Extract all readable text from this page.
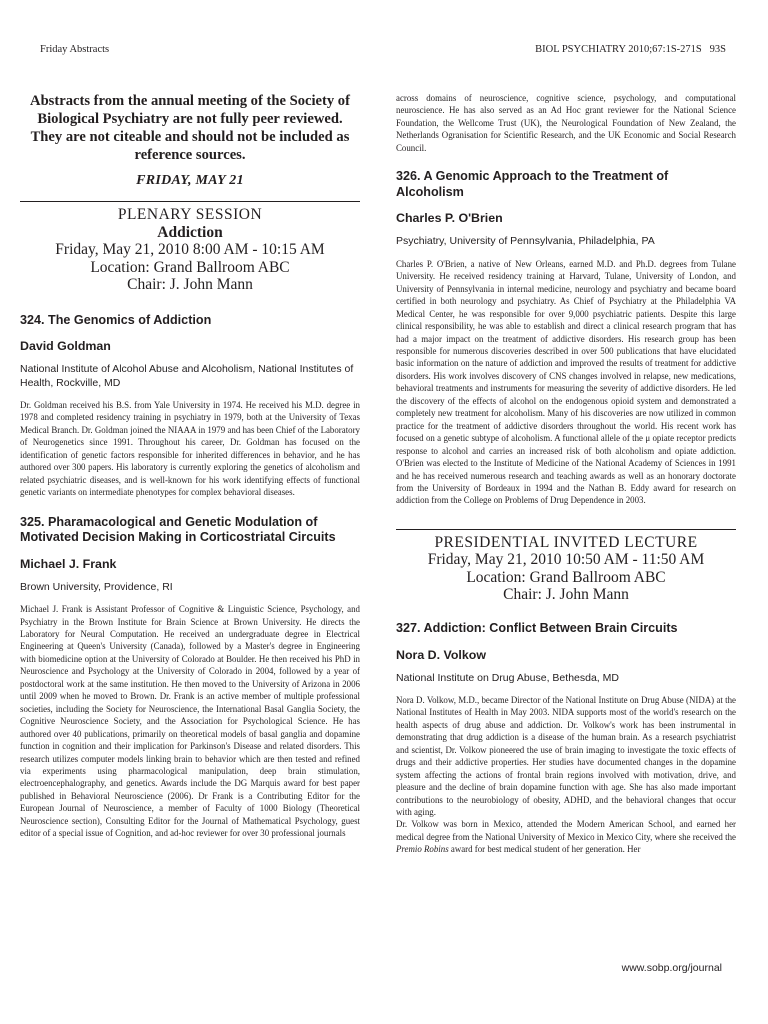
Friday Abstracts	BIOL PSYCHIATRY 2010;67:1S-271S 93S
Abstracts from the annual meeting of the Society of Biological Psychiatry are not fully peer reviewed. They are not citeable and should not be included as reference sources.
FRIDAY, MAY 21
PLENARY SESSION
Addiction
Friday, May 21, 2010 8:00 AM - 10:15 AM
Location: Grand Ballroom ABC
Chair: J. John Mann
324. The Genomics of Addiction
David Goldman
National Institute of Alcohol Abuse and Alcoholism, National Institutes of Health, Rockville, MD
Dr. Goldman received his B.S. from Yale University in 1974. He received his M.D. degree in 1978 and completed residency training in psychiatry in 1979, both at the University of Texas Medical Branch. Dr. Goldman joined the NIAAA in 1979 and has been Chief of the Laboratory of Neurogenetics since 1991. Throughout his career, Dr. Goldman has focused on the identification of genetic factors responsible for inherited differences in behavior, and he has authored over 300 papers. His laboratory is currently exploring the genetics of alcoholism and related psychiatric diseases, and is well-known for his work identifying effects of functional genetic variants on intermediate phenotypes for complex behavioral diseases.
325. Pharamacological and Genetic Modulation of Motivated Decision Making in Corticostriatal Circuits
Michael J. Frank
Brown University, Providence, RI
Michael J. Frank is Assistant Professor of Cognitive & Linguistic Science, Psychology, and Psychiatry in the Brown Institute for Brain Science at Brown University. He directs the Laboratory for Neural Computation. He received an undergraduate degree in Electrical Engineering at Queen's University (Canada), followed by a Master's degree in Engineering with biomedicine option at the University of Colorado at Boulder. He then received his PhD in Neuroscience and Psychology at the University of Colorado in 2004, followed by a year of postdoctoral work at the same institution. He then moved to the University of Arizona in 2006 until 2009 when he moved to Brown. Dr. Frank is an active member of multiple professional societies, including the Society for Neuroscience, the International Basal Ganglia Society, the Cognitive Neuroscience Society, and the Association for Psychological Science. He has authored over 40 publications, primarily on theoretical models of basal ganglia and dopamine function in cognition and their implication for Parkinson's Disease and related disorders. This research utilizes computer models linking brain to behavior which are then tested and refined via experiments using pharmacological manipulation, deep brain stimulation, electroencephalography, and genetics. Awards include the DG Marquis award for best paper published in Behavioral Neuroscience (2006). Dr Frank is a Contributing Editor for the European Journal of Neuroscience, a member of Faculty of 1000 Biology (Theoretical Neuroscience section), Consulting Editor for the Journal of Mathematical Psychology, guest editor of a special issue of Cognition, and ad-hoc reviewer for over 30 professional journals
across domains of neuroscience, cognitive science, psychology, and computational neuroscience. He has also served as an Ad Hoc grant reviewer for the National Science Foundation, the Wellcome Trust (UK), the Neurological Foundation of New Zealand, the Netherlands Ogranisation for Scientific Research, and the UK Economic and Social Research Council.
326. A Genomic Approach to the Treatment of Alcoholism
Charles P. O'Brien
Psychiatry, University of Pennsylvania, Philadelphia, PA
Charles P. O'Brien, a native of New Orleans, earned M.D. and Ph.D. degrees from Tulane University. He received residency training at Harvard, Tulane, University of London, and University of Pennsylvania in internal medicine, neurology and psychiatry and became board certified in both neurology and psychiatry. As Chief of Psychiatry at the Philadelphia VA Medical Center, he was responsible for over 9,000 psychiatric patients. Despite this large clinical responsibility, he was able to establish and direct a clinical research program that has had a major impact on the treatment of addictive disorders. His research group has been responsible for numerous discoveries described in over 500 publications that have elucidated basic information on the nature of addiction and improved the results of treatment for addictive disorders. His work involves discovery of CNS changes involved in relapse, new medications, behavioral treatments and instruments for measuring the severity of addictive disorders. He led the discovery of the effects of alcohol on the endogenous opioid system and demonstrated a completely new treatment for alcoholism. Many of his discoveries are now utilized in common practice for the treatment of addictive disorders throughout the world. His recent work has focused on a genetic subtype of alcoholism. A functional allele of the μ opiate receptor predicts response to alcohol and carries an increased risk of both alcoholism and opiate addiction. O'Brien was elected to the Institute of Medicine of the National Academy of Sciences in 1991 and he has received numerous research and teaching awards as well as an honorary doctorate from the University of Bordeaux in 1994 and the Nathan B. Eddy award for research on addiction from the College on Problems of Drug Dependence in 2003.
PRESIDENTIAL INVITED LECTURE
Friday, May 21, 2010 10:50 AM - 11:50 AM
Location: Grand Ballroom ABC
Chair: J. John Mann
327. Addiction: Conflict Between Brain Circuits
Nora D. Volkow
National Institute on Drug Abuse, Bethesda, MD
Nora D. Volkow, M.D., became Director of the National Institute on Drug Abuse (NIDA) at the National Institutes of Health in May 2003. NIDA supports most of the world's research on the health aspects of drug abuse and addiction. Dr. Volkow's work has been instrumental in demonstrating that drug addiction is a disease of the human brain. As a research psychiatrist and scientist, Dr. Volkow pioneered the use of brain imaging to investigate the toxic effects of drugs and their addictive properties. Her studies have documented changes in the dopamine system affecting the actions of frontal brain regions involved with motivation, drive, and pleasure and the decline of brain dopamine function with age. She has also made important contributions to the neurobiology of obesity, ADHD, and the behavioral changes that occur with aging.
Dr. Volkow was born in Mexico, attended the Modern American School, and earned her medical degree from the National University of Mexico in Mexico City, where she received the Premio Robins award for best medical student of her generation. Her
www.sobp.org/journal
